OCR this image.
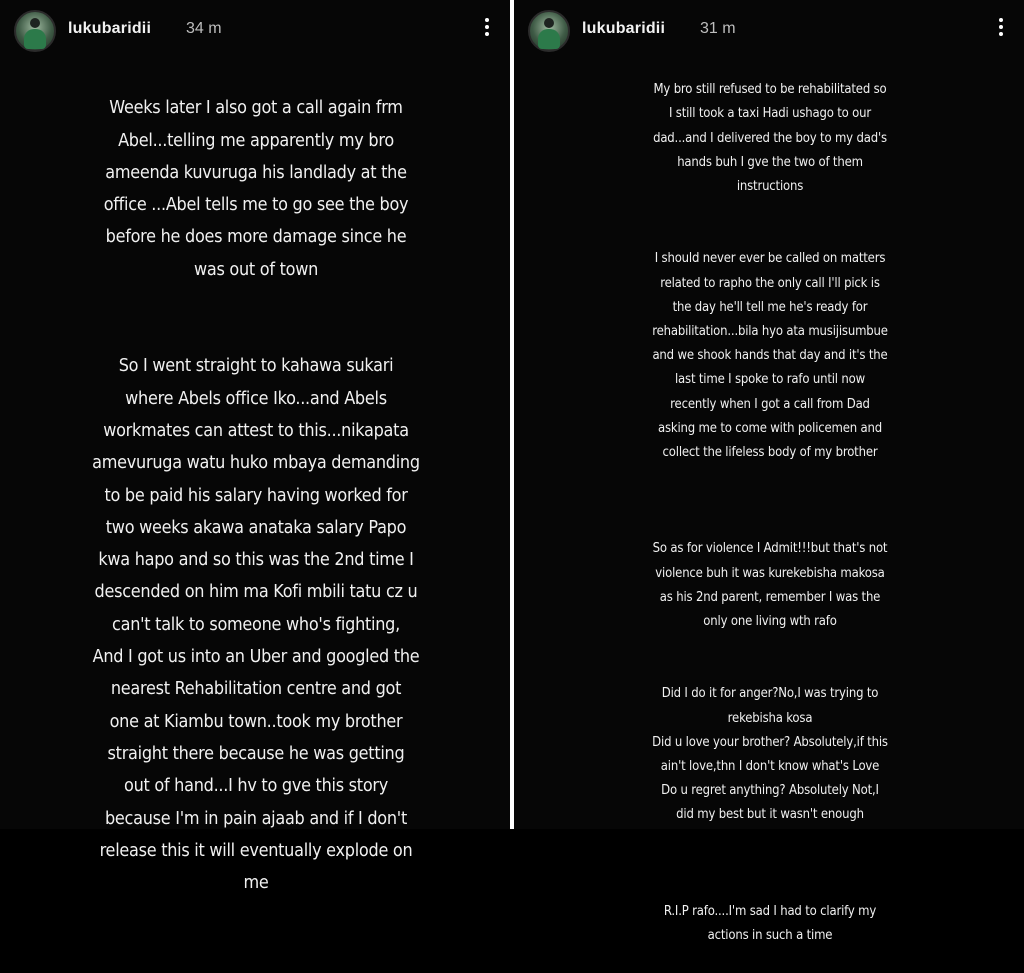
lukubaridii 34 m

Weeks later I also got a call again frm
Abel...telling me apparently my bro
ameenda kuvuruga his landlady at the
office ...Abel tells me to go see the boy
before he does more damage since he
was out of town

So I went straight to kahawa sukari
where Abels office Iko...and Abels
workmates can attest to this...nikapata
amevuruga watu huko mbaya demanding
to be paid his salary having worked for
two weeks akawa anataka salary Papo
kwa hapo and so this was the 2nd time I
descended on him ma Kofi mbili tatu cz u
can't talk to someone who's fighting,
And I got us into an Uber and googled the
nearest Rehabilitation centre and got
one at Kiambu town..took my brother
straight there because he was getting
out of hand...I hv to gve this story
because I'm in pain ajaab and if I don't
release this it will eventually explode on
me

lukubaridii 31 m

My bro still refused to be rehabilitated so
I still took a taxi Hadi ushago to our
dad...and I delivered the boy to my dad's
hands buh I gve the two of them
instructions

I should never ever be called on matters
related to rapho the only call I'll pick is
the day he'll tell me he's ready for
rehabilitation...bila hyo ata musijisumbue
and we shook hands that day and it's the
last time I spoke to rafo until now
recently when I got a call from Dad
asking me to come with policemen and
collect the lifeless body of my brother

So as for violence I Admit!!!but that's not
violence buh it was kurekebisha makosa
as his 2nd parent, remember I was the
only one living wth rafo

Did I do it for anger?No,I was trying to
rekebisha kosa
Did u love your brother? Absolutely,if this
ain't love,thn I don't know what's Love
Do u regret anything? Absolutely Not,I
did my best but it wasn't enough

R.I.P rafo....I'm sad I had to clarify my
actions in such a time
